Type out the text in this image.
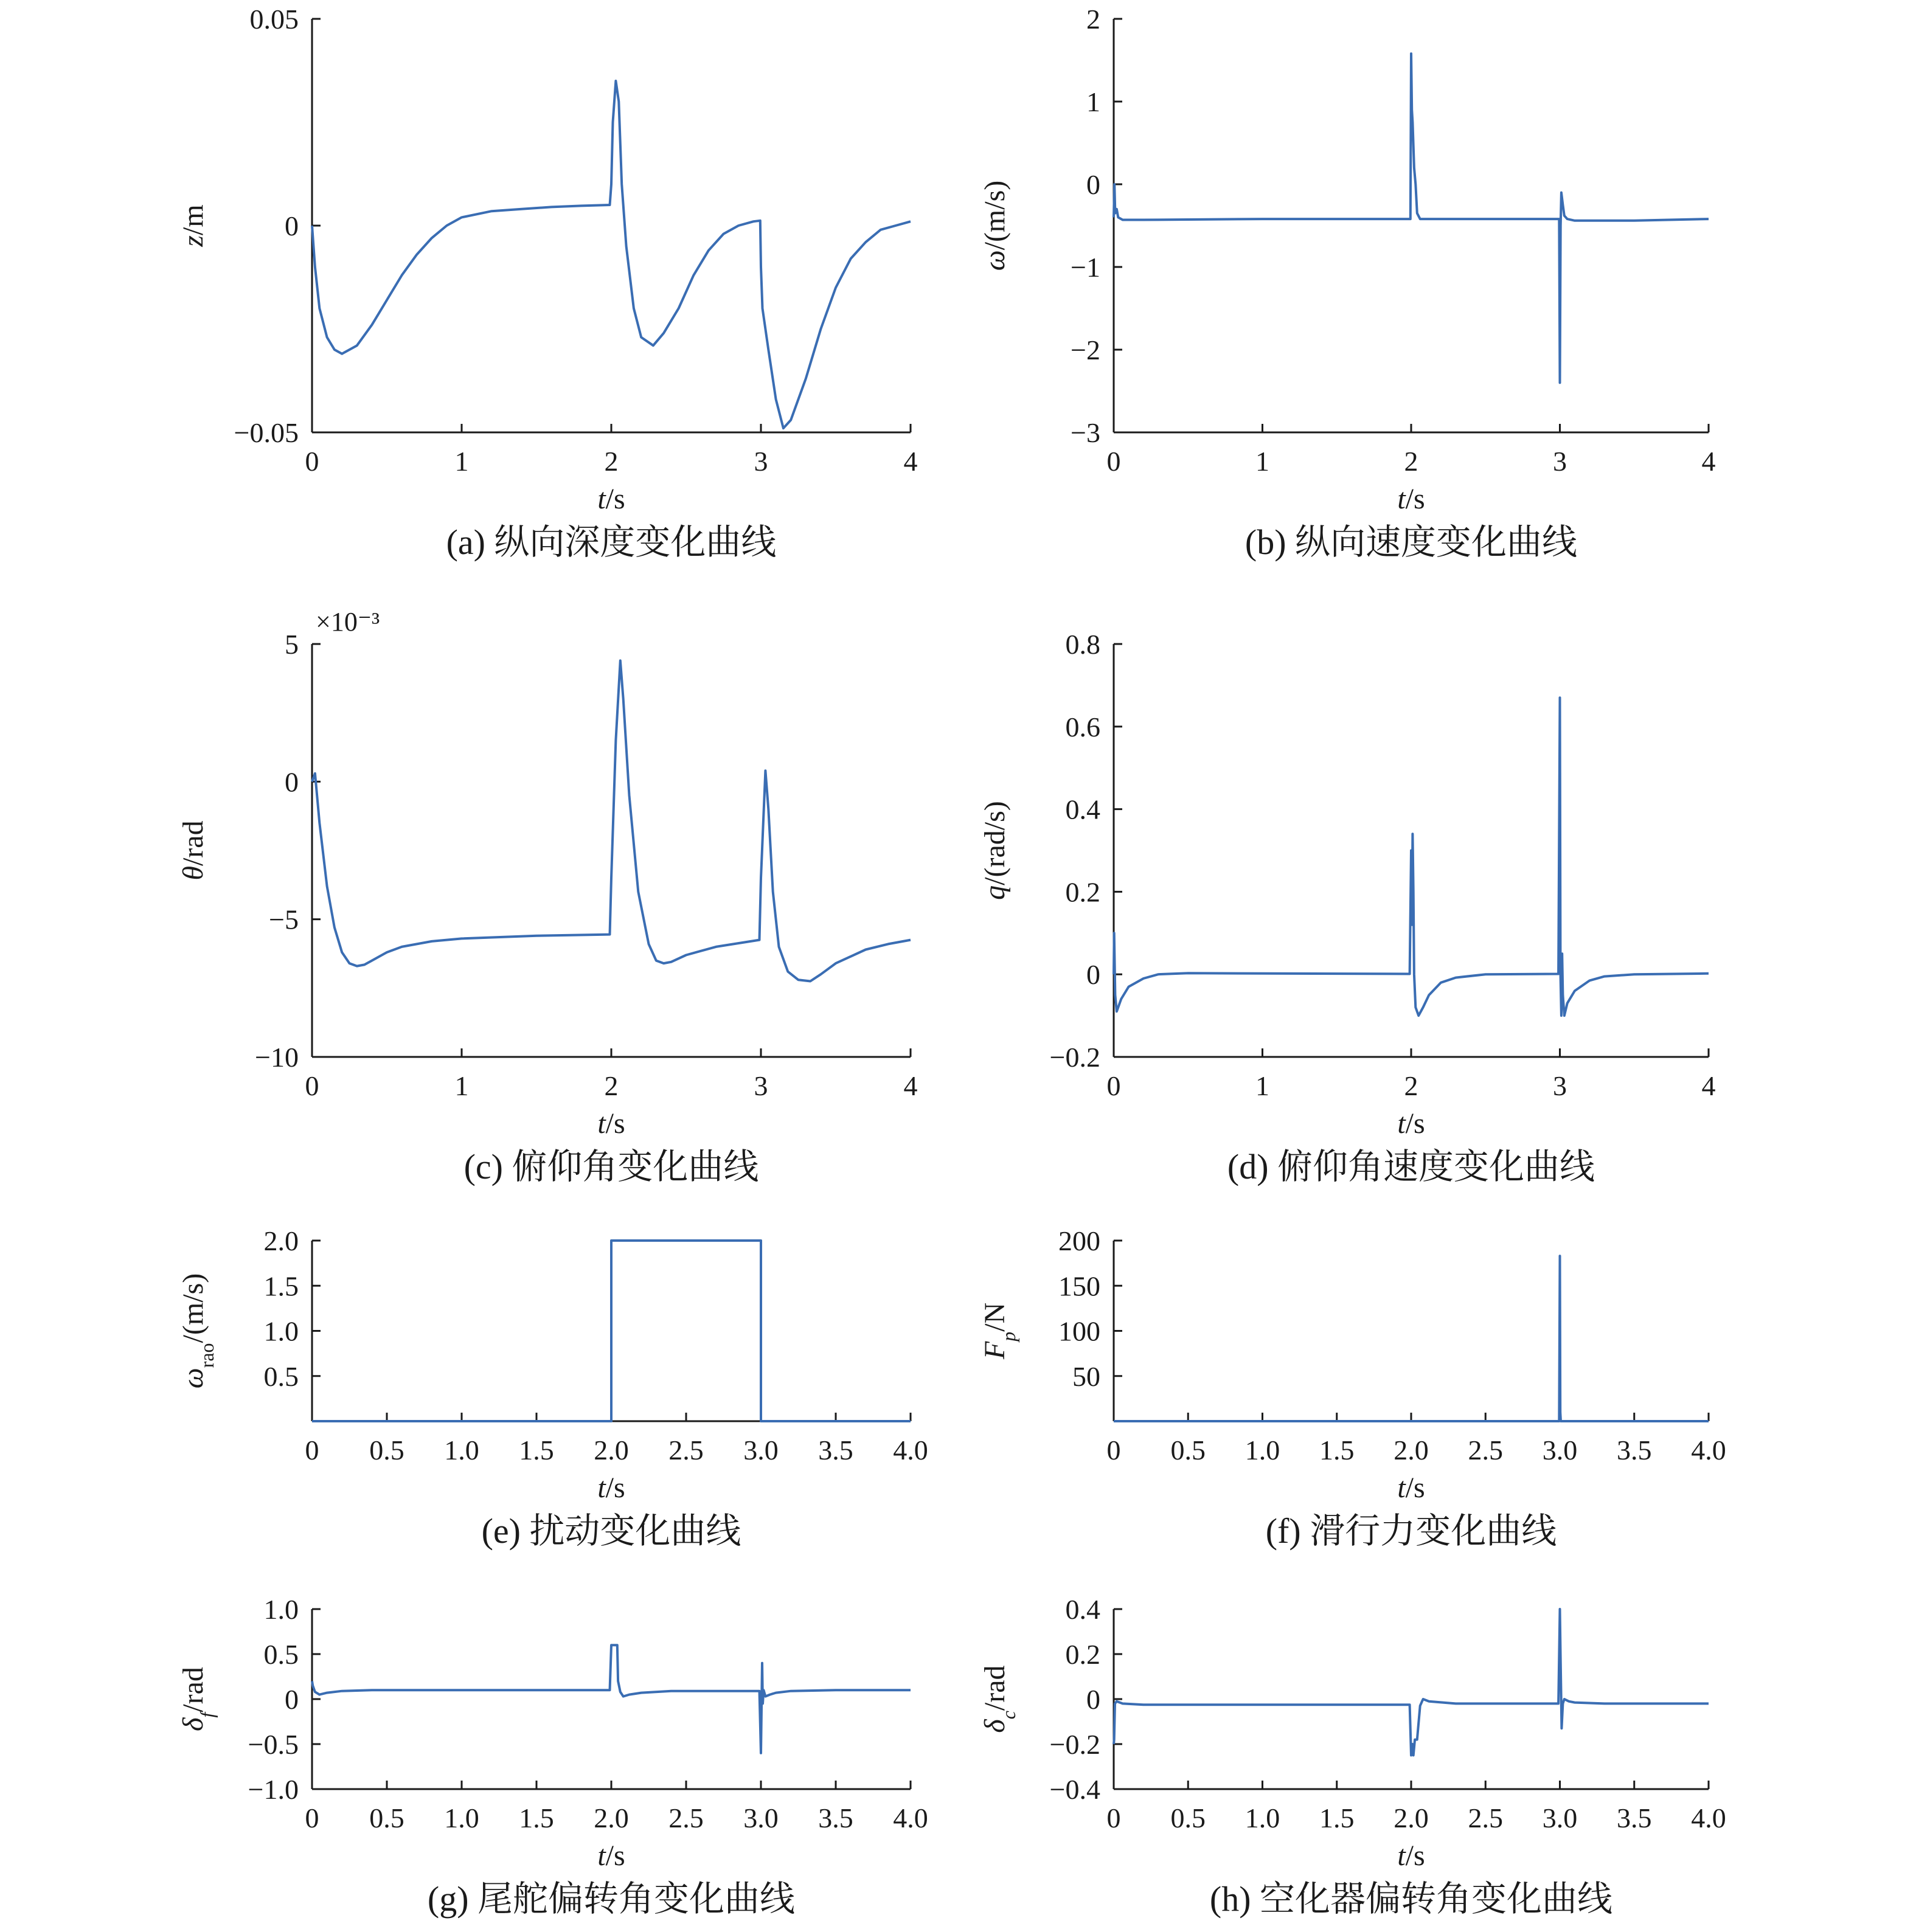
0	1	2	3	4
−0.05
0
0.05
t/s
z/m
(a) 纵向深度变化曲线
0	1	2	3	4
−3
−2
−1
0
1
2
t/s
ω/(m/s)
(b) 纵向速度变化曲线
0	1	2	3	4
−10
−5
0
5
×10⁻³
t/s
θ/rad
(c) 俯仰角变化曲线
0	1	2	3	4
−0.2
0
0.2
0.4
0.6
0.8
t/s
q/(rad/s)
(d) 俯仰角速度变化曲线
0 0.5 1.0 1.5 2.0 2.5 3.0 3.5 4.0
0.5
1.0
1.5
2.0
t/s
$\omega_{rao}/(m/s)$
(e) 扰动变化曲线
0 0.5 1.0 1.5 2.0 2.5 3.0 3.5 4.0
50
100
150
200
t/s
$F_p/N$
(f) 滑行力变化曲线
0 0.5 1.0 1.5 2.0 2.5 3.0 3.5 4.0
−1.0
−0.5
0
0.5
1.0
t/s
$\delta_f$/rad
(g) 尾舵偏转角变化曲线
0 0.5 1.0 1.5 2.0 2.5 3.0 3.5 4.0
−0.4
−0.2
0
0.2
0.4
t/s
$\delta_c$/rad
(h) 空化器偏转角变化曲线
